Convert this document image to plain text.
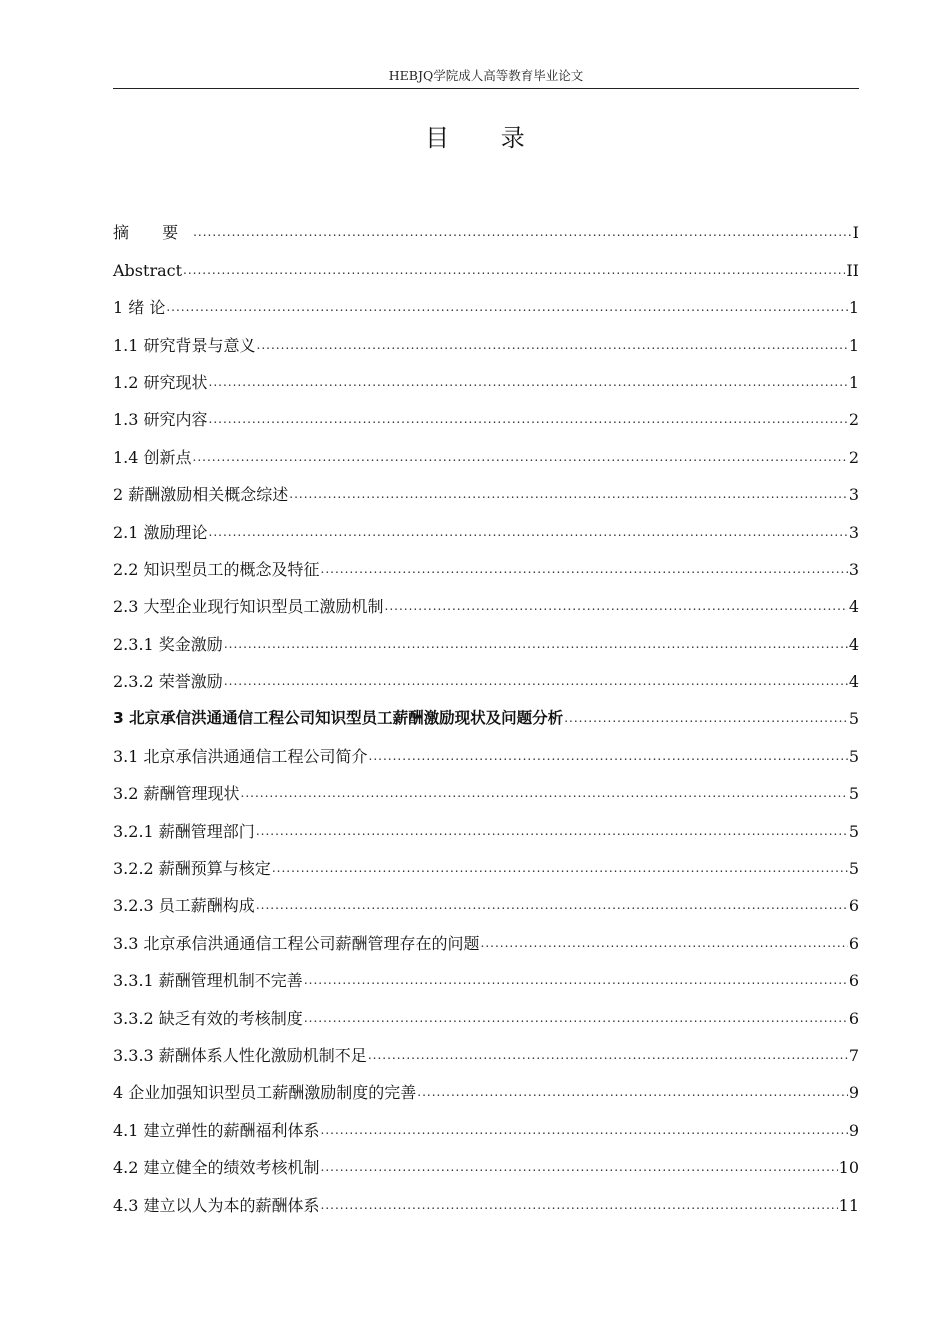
HEBJQ学院成人高等教育毕业论文
目 录
摘 要 .....	I
Abstract .....	II
1 绪 论 .....	1
1.1 研究背景与意义 .....	1
1.2 研究现状 .....	1
1.3 研究内容 .....	2
1.4 创新点 .....	2
2 薪酬激励相关概念综述 .....	3
2.1 激励理论 .....	3
2.2 知识型员工的概念及特征 .....	3
2.3 大型企业现行知识型员工激励机制 .....	4
2.3.1 奖金激励 .....	4
2.3.2 荣誉激励 .....	4
3 北京承信洪通通信工程公司知识型员工薪酬激励现状及问题分析 .....	5
3.1 北京承信洪通通信工程公司简介 .....	5
3.2 薪酬管理现状 .....	5
3.2.1 薪酬管理部门 .....	5
3.2.2 薪酬预算与核定 .....	5
3.2.3 员工薪酬构成 .....	6
3.3 北京承信洪通通信工程公司薪酬管理存在的问题 .....	6
3.3.1 薪酬管理机制不完善 .....	6
3.3.2 缺乏有效的考核制度 .....	6
3.3.3 薪酬体系人性化激励机制不足 .....	7
4 企业加强知识型员工薪酬激励制度的完善 .....	9
4.1 建立弹性的薪酬福利体系 .....	9
4.2 建立健全的绩效考核机制 .....	10
4.3 建立以人为本的薪酬体系 .....	11
